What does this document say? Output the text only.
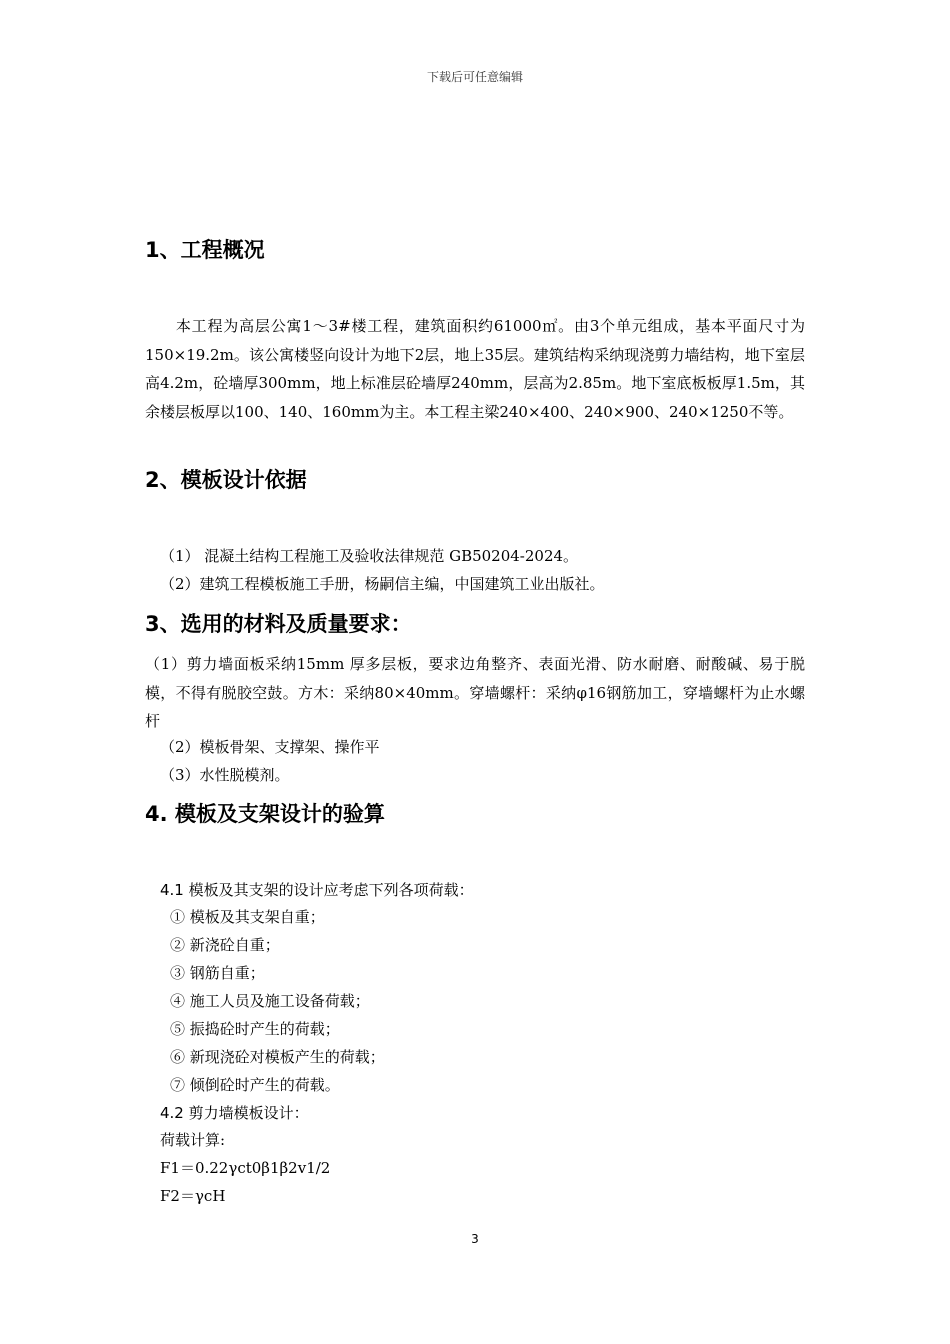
下载后可任意编辑
1、工程概况
本工程为高层公寓1～3#楼工程，建筑面积约61000㎡。由3个单元组成，基本平面尺寸为150×19.2m。该公寓楼竖向设计为地下2层，地上35层。建筑结构采纳现浇剪力墙结构，地下室层高4.2m，砼墙厚300mm，地上标准层砼墙厚240mm，层高为2.85m。地下室底板板厚1.5m，其余楼层板厚以100、140、160mm为主。本工程主梁240×400、240×900、240×1250不等。
2、模板设计依据
（1） 混凝土结构工程施工及验收法律规范 GB50204-2024。
（2）建筑工程模板施工手册，杨嗣信主编，中国建筑工业出版社。
3、选用的材料及质量要求：
（1）剪力墙面板采纳15mm 厚多层板，要求边角整齐、表面光滑、防水耐磨、耐酸碱、易于脱模，不得有脱胶空鼓。方木：采纳80×40mm。穿墙螺杆：采纳φ16钢筋加工，穿墙螺杆为止水螺杆
（2）模板骨架、支撑架、操作平
（3）水性脱模剂。
4. 模板及支架设计的验算
4.1 模板及其支架的设计应考虑下列各项荷载：
① 模板及其支架自重；
② 新浇砼自重；
③ 钢筋自重；
④ 施工人员及施工设备荷载；
⑤ 振捣砼时产生的荷载；
⑥ 新现浇砼对模板产生的荷载；
⑦ 倾倒砼时产生的荷载。
4.2 剪力墙模板设计：
荷载计算:
F1＝0.22γct0β1β2v1/2
F2＝γcH
3
